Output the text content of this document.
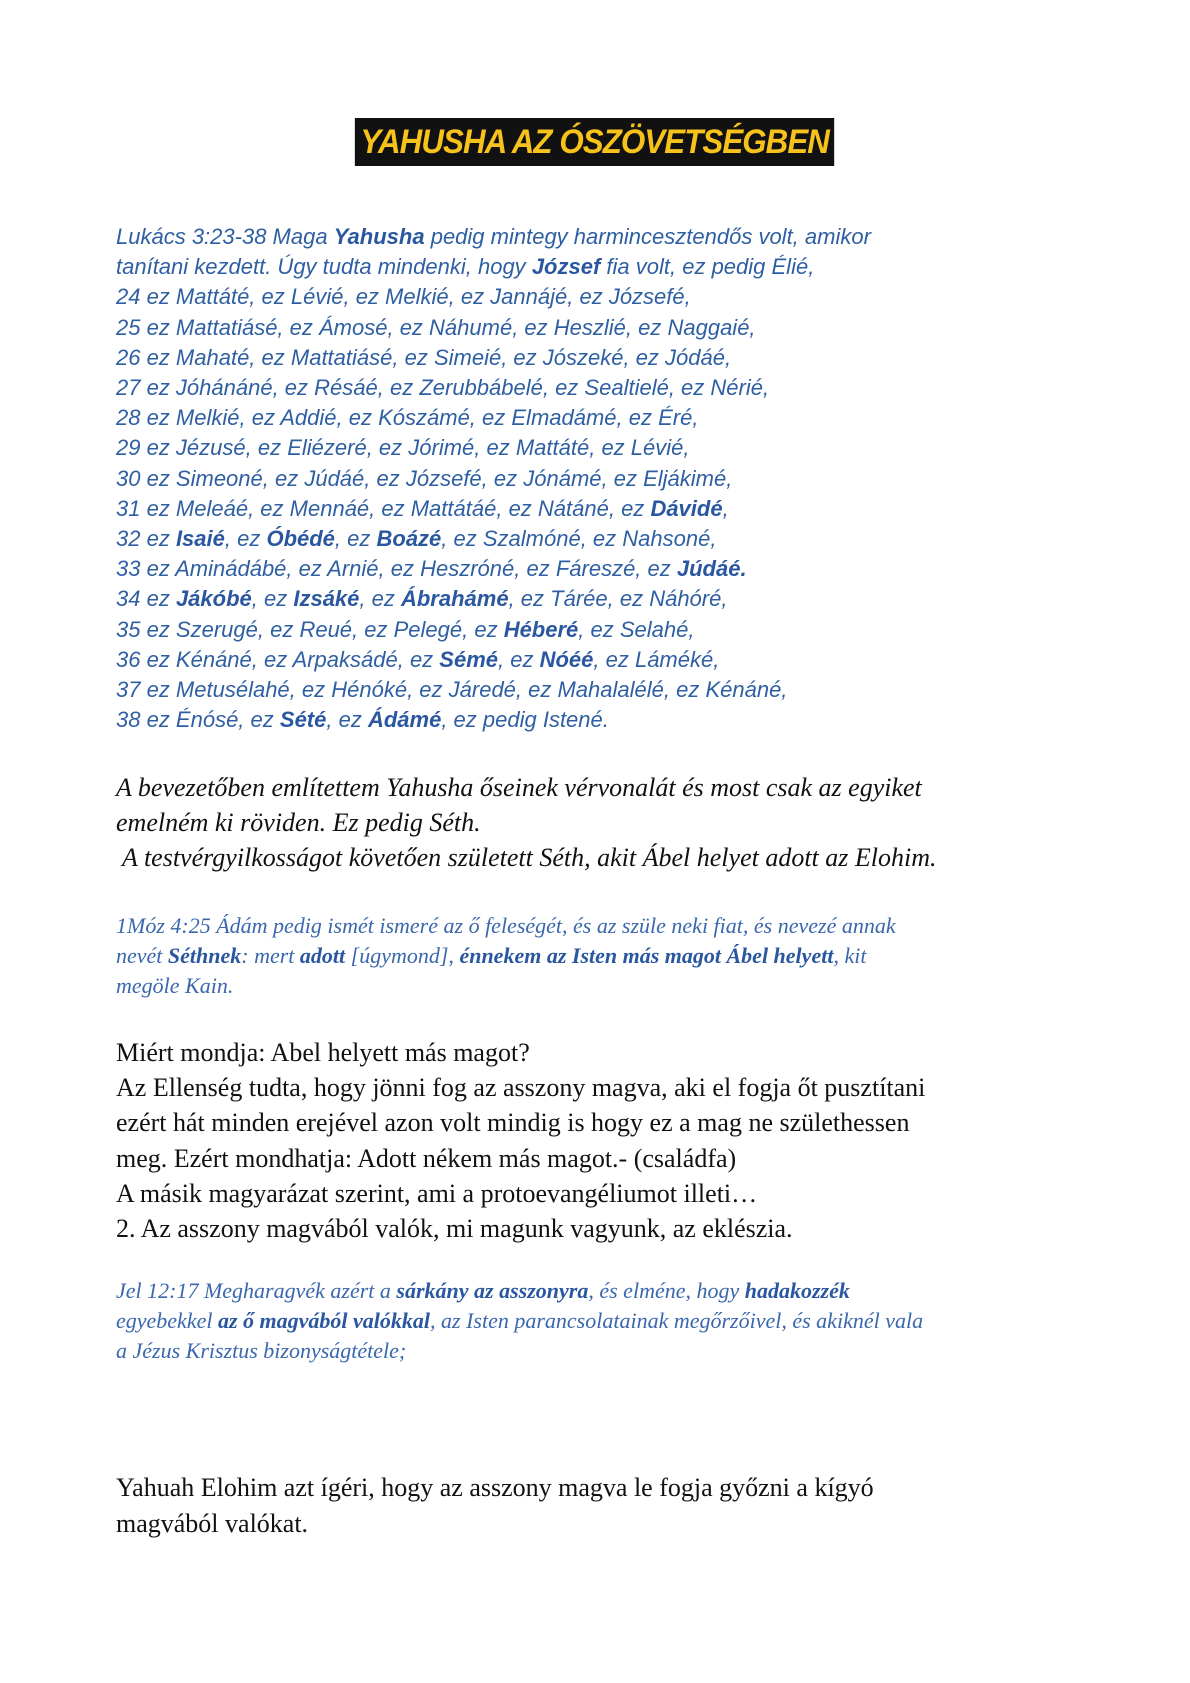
YAHUSHA AZ ÓSZÖVETSÉGBEN
Lukács 3:23-38 Maga Yahusha pedig mintegy harmincesztendős volt, amikor
tanítani kezdett. Úgy tudta mindenki, hogy József fia volt, ez pedig Élié,
24 ez Mattáté, ez Lévié, ez Melkié, ez Jannájé, ez Józsefé,
25 ez Mattatiásé, ez Ámosé, ez Náhumé, ez Heszlié, ez Naggaié,
26 ez Mahaté, ez Mattatiásé, ez Simeié, ez Jószeké, ez Jódáé,
27 ez Jóhánáné, ez Résáé, ez Zerubbábelé, ez Sealtielé, ez Nérié,
28 ez Melkié, ez Addié, ez Kószámé, ez Elmadámé, ez Éré,
29 ez Jézusé, ez Eliézeré, ez Jórimé, ez Mattáté, ez Lévié,
30 ez Simeoné, ez Júdáé, ez Józsefé, ez Jónámé, ez Eljákimé,
31 ez Meleáé, ez Mennáé, ez Mattátáé, ez Nátáné, ez Dávidé,
32 ez Isaié, ez Óbédé, ez Boázé, ez Szalmóné, ez Nahsoné,
33 ez Aminádábé, ez Arnié, ez Heszróné, ez Fáreszé, ez Júdáé.
34 ez Jákóbé, ez Izsáké, ez Ábrahámé, ez Tárée, ez Náhóré,
35 ez Szerugé, ez Reué, ez Pelegé, ez Héberé, ez Selahé,
36 ez Kénáné, ez Arpaksádé, ez Sémé, ez Nóéé, ez Láméké,
37 ez Metusélahé, ez Hénóké, ez Járedé, ez Mahalalélé, ez Kénáné,
38 ez Énósé, ez Sété, ez Ádámé, ez pedig Istené.
A bevezetőben említettem Yahusha őseinek vérvonalát és most csak az egyiket
emelném ki röviden. Ez pedig Séth.
A testvérgyilkosságot követően született Séth, akit Ábel helyet adott az Elohim.
1Móz 4:25 Ádám pedig ismét ismeré az ő feleségét, és az szüle neki fiat, és nevezé annak
nevét Séthnek: mert adott [úgymond], énnekem az Isten más magot Ábel helyett, kit
megöle Kain.
Miért mondja: Abel helyett más magot?
Az Ellenség tudta, hogy jönni fog az asszony magva, aki el fogja őt pusztítani
ezért hát minden erejével azon volt mindig is hogy ez a mag ne születhessen
meg. Ezért mondhatja: Adott nékem más magot.- (családfa)
A másik magyarázat szerint, ami a protoevangéliumot illeti…
2. Az asszony magvából valók, mi magunk vagyunk, az eklészia.
Jel 12:17 Megharagvék azért a sárkány az asszonyra, és elméne, hogy hadakozzék
egyebekkel az ő magvából valókkal, az Isten parancsolatainak megőrzőivel, és akiknél vala
a Jézus Krisztus bizonyságtétele;
Yahuah Elohim azt ígéri, hogy az asszony magva le fogja győzni a kígyó
magvából valókat.
